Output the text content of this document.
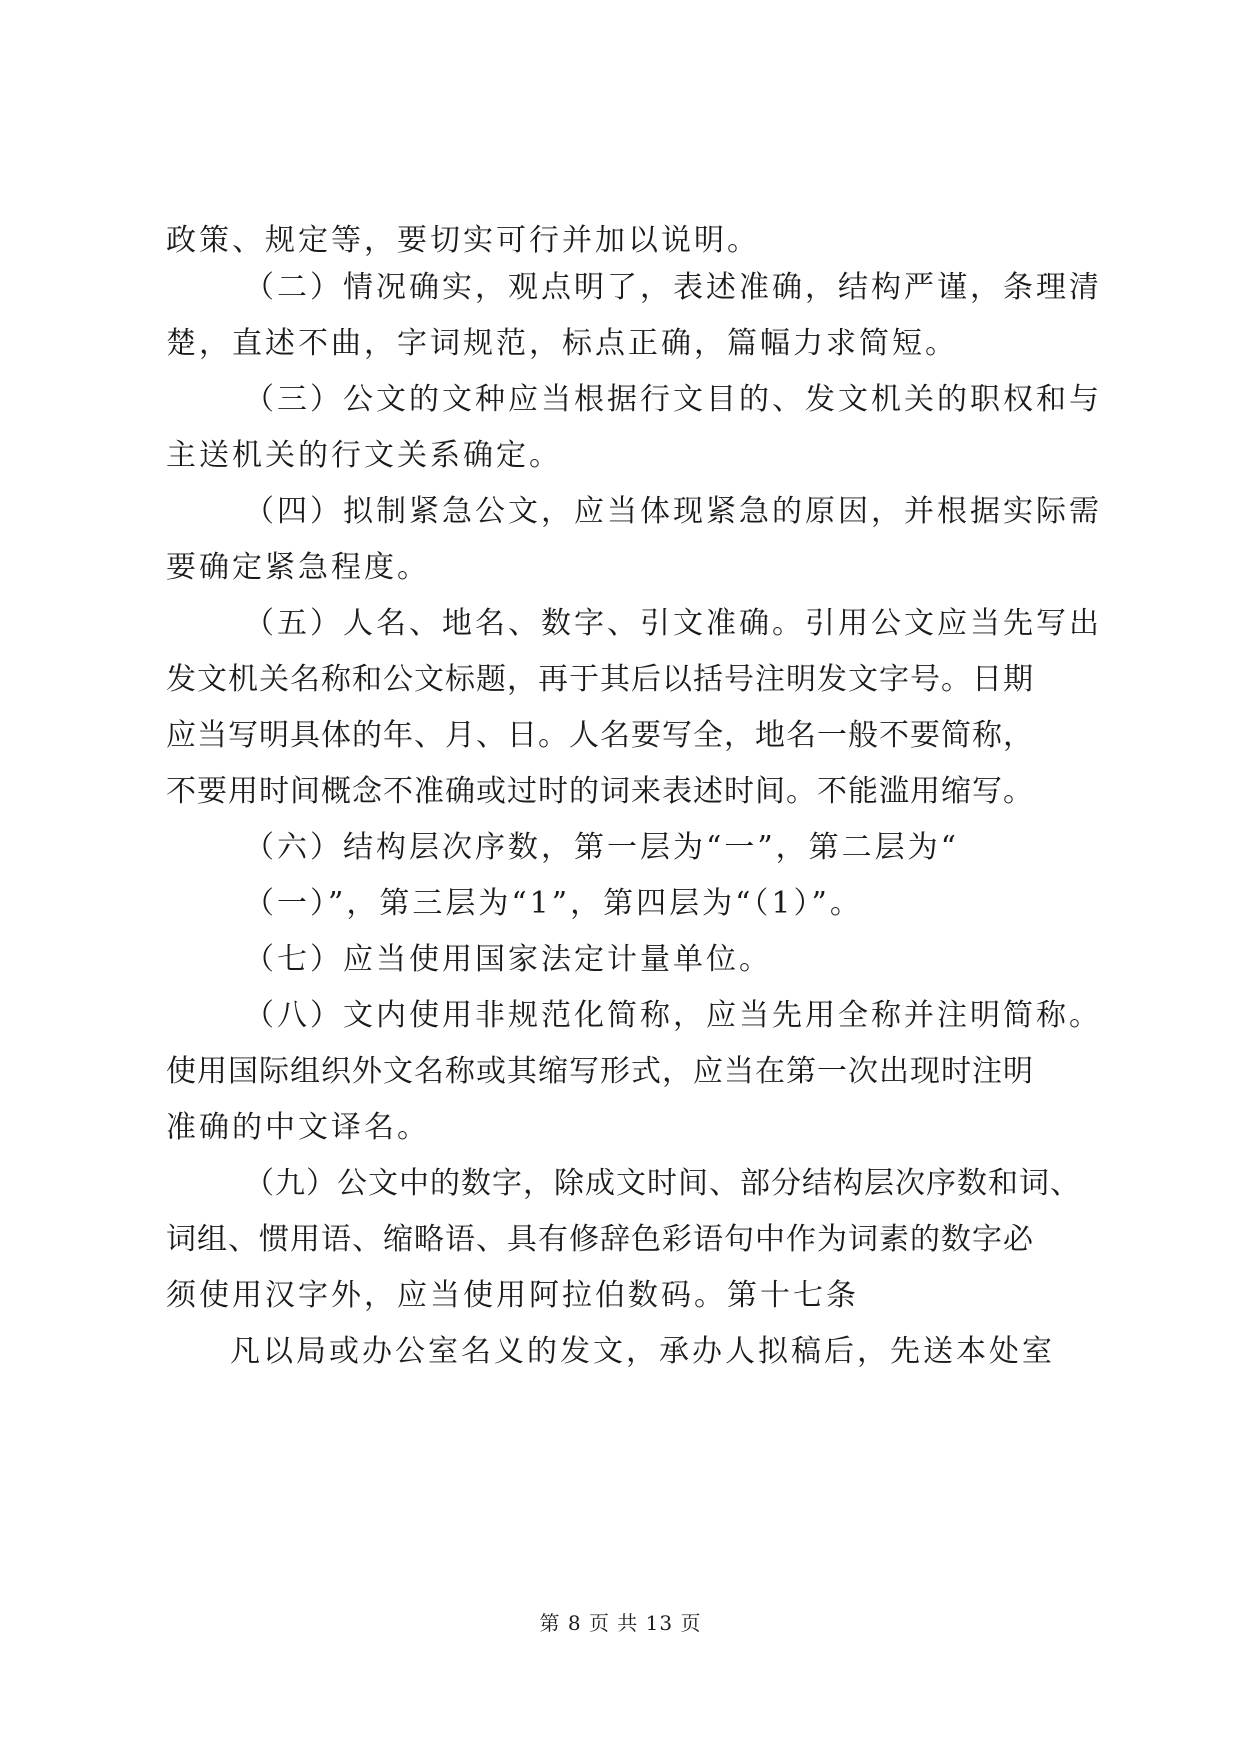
政策、规定等，要切实可行并加以说明。
（二）情况确实，观点明了，表述准确，结构严谨，条理清
楚，直述不曲，字词规范，标点正确，篇幅力求简短。
（三）公文的文种应当根据行文目的、发文机关的职权和与
主送机关的行文关系确定。
（四）拟制紧急公文，应当体现紧急的原因，并根据实际需
要确定紧急程度。
（五）人名、地名、数字、引文准确。引用公文应当先写出
发文机关名称和公文标题，再于其后以括号注明发文字号。日期
应当写明具体的年、月、日。人名要写全，地名一般不要简称，
不要用时间概念不准确或过时的词来表述时间。不能滥用缩写。
（六）结构层次序数，第一层为“一”，第二层为“
（一）”，第三层为“1”，第四层为“（1）”。
（七）应当使用国家法定计量单位。
（八）文内使用非规范化简称，应当先用全称并注明简称。
使用国际组织外文名称或其缩写形式，应当在第一次出现时注明
准确的中文译名。
（九）公文中的数字，除成文时间、部分结构层次序数和词、
词组、惯用语、缩略语、具有修辞色彩语句中作为词素的数字必
须使用汉字外，应当使用阿拉伯数码。第十七条
凡以局或办公室名义的发文，承办人拟稿后，先送本处室
第 8 页 共 13 页
